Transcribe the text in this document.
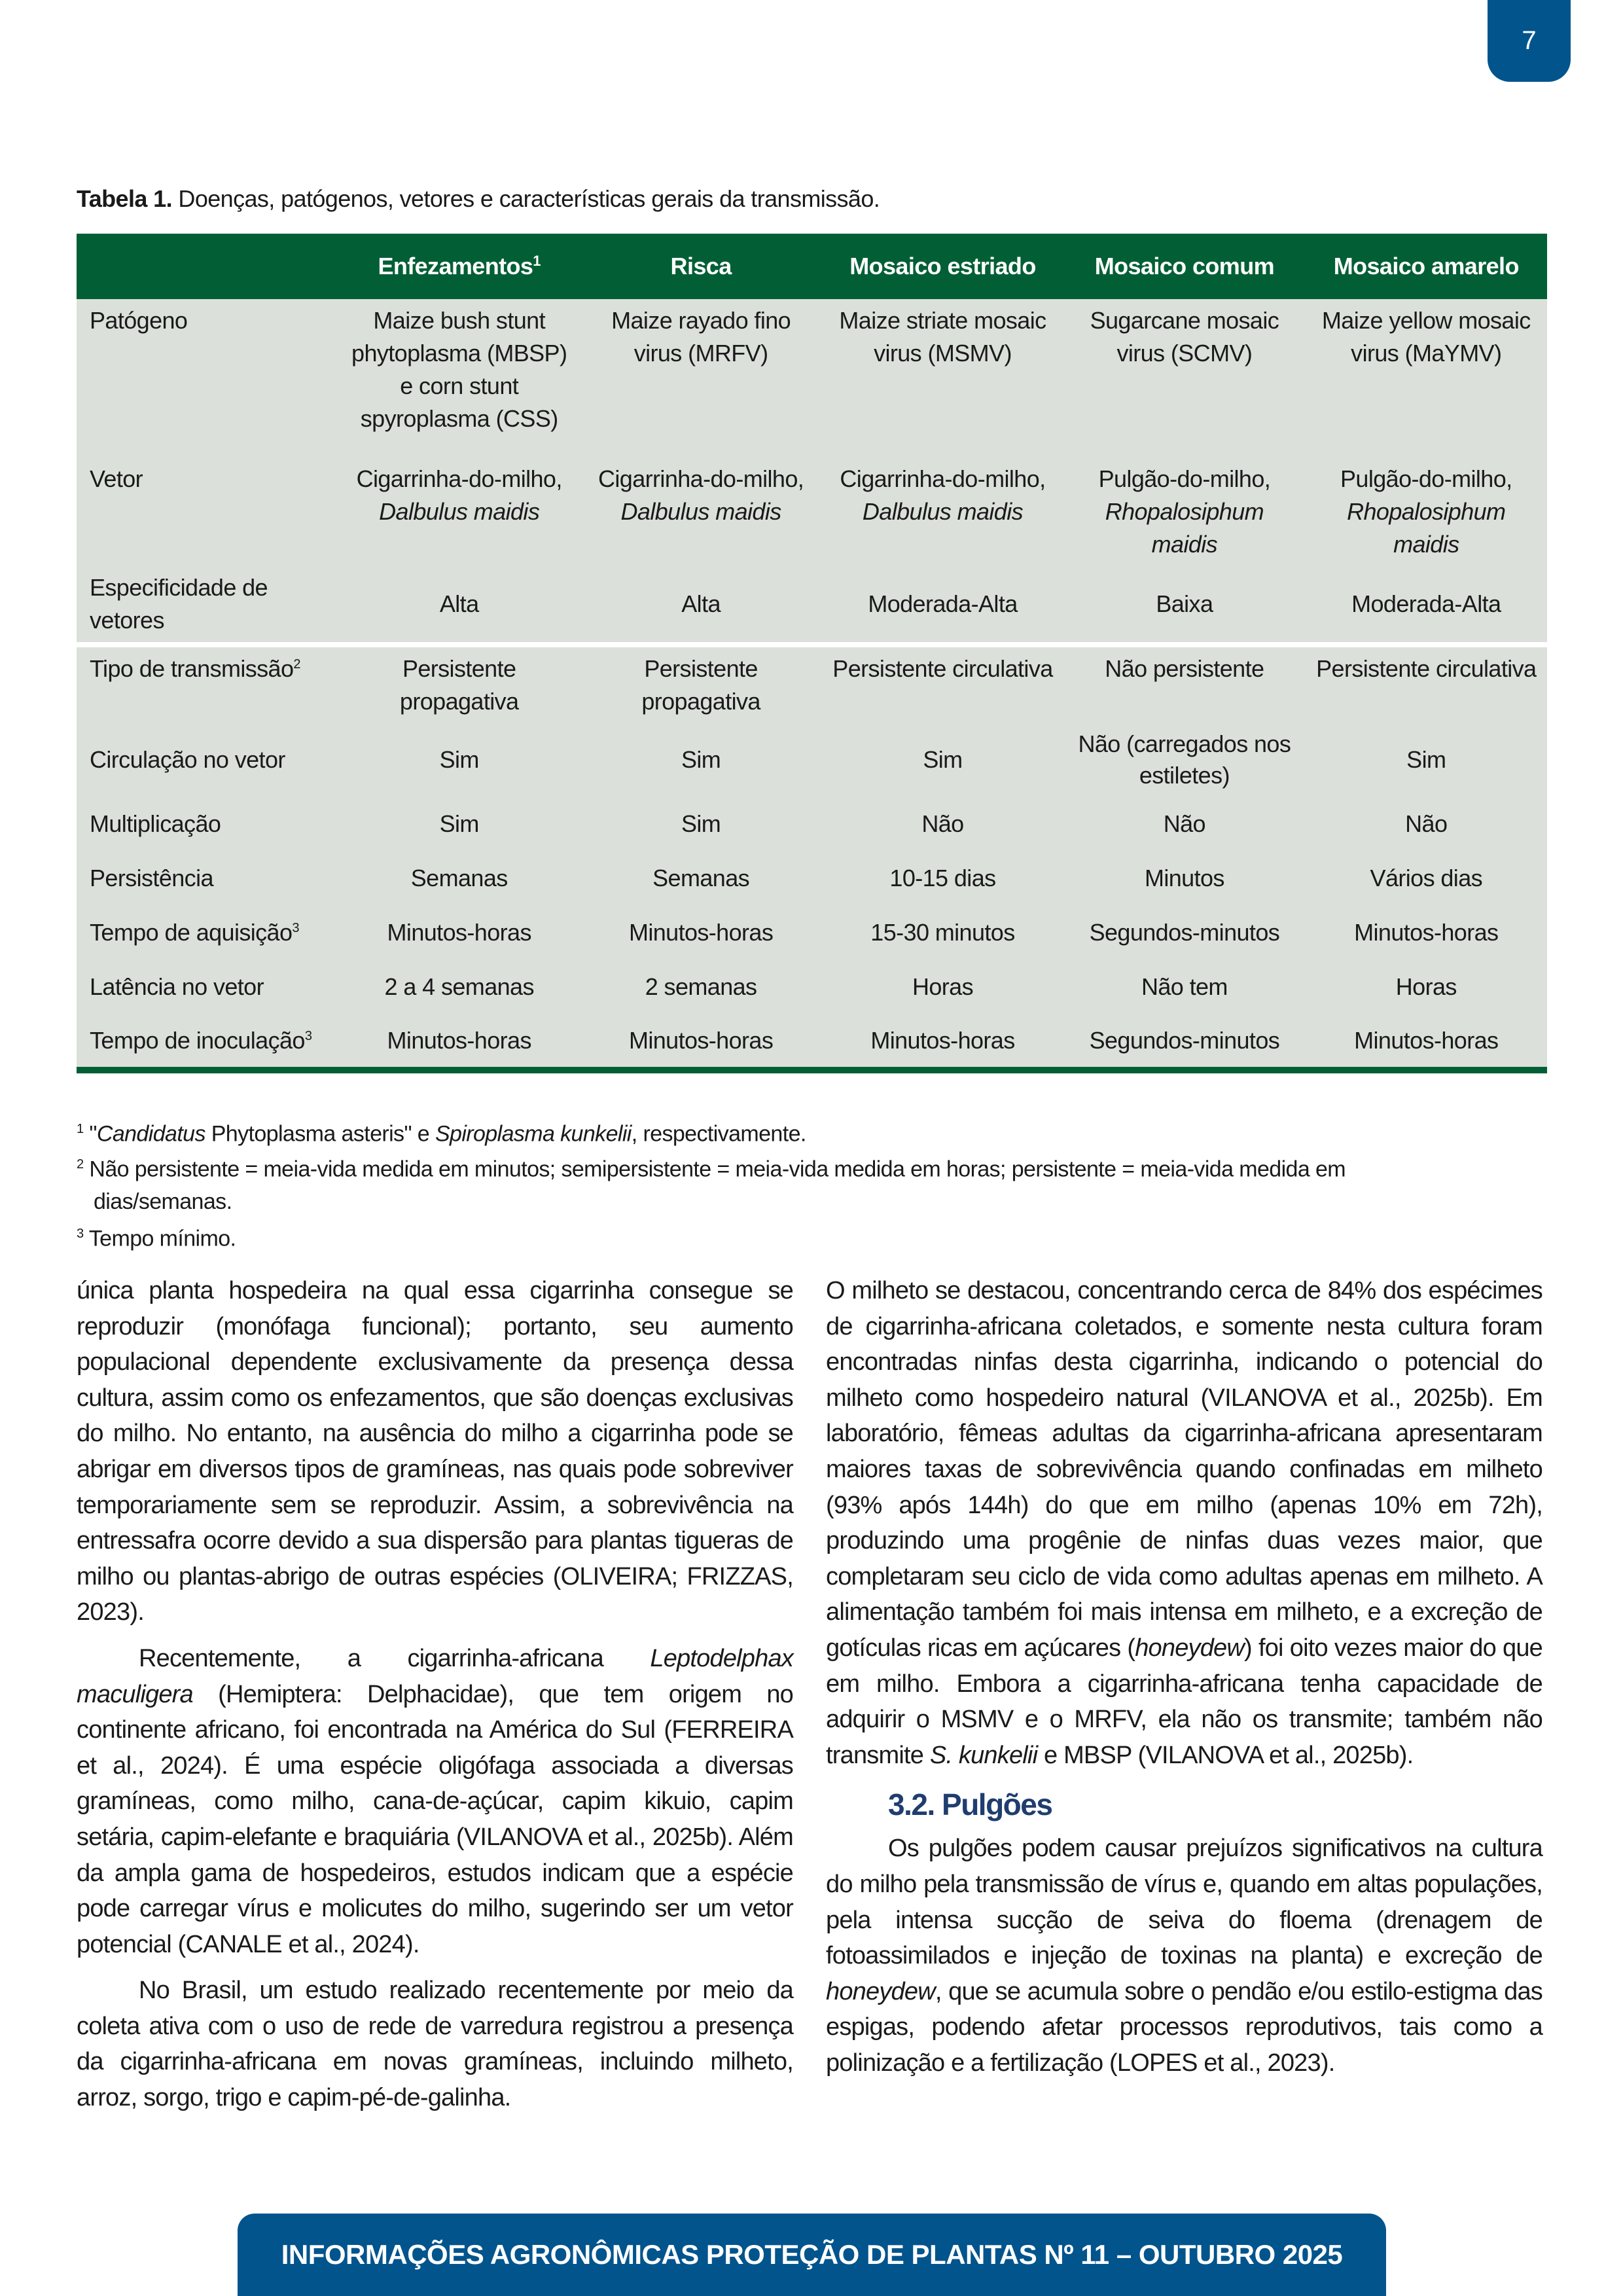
7
Tabela 1. Doenças, patógenos, vetores e características gerais da transmissão.
	Enfezamentos$^1$	Risca	Mosaico estriado	Mosaico comum	Mosaico amarelo
Patógeno	Maize bush stunt phytoplasma (MBSP) e corn stunt spyroplasma (CSS)	Maize rayado fino virus (MRFV)	Maize striate mosaic virus (MSMV)	Sugarcane mosaic virus (SCMV)	Maize yellow mosaic virus (MaYMV)
Vetor	Cigarrinha-do-milho, Dalbulus maidis	Cigarrinha-do-milho, Dalbulus maidis	Cigarrinha-do-milho, Dalbulus maidis	Pulgão-do-milho, Rhopalosiphum maidis	Pulgão-do-milho, Rhopalosiphum maidis
Especificidade de vetores	Alta	Alta	Moderada-Alta	Baixa	Moderada-Alta

Tipo de transmissão$^2$	Persistente propagativa	Persistente propagativa	Persistente circulativa	Não persistente	Persistente circulativa
Circulação no vetor	Sim	Sim	Sim	Não (carregados nos estiletes)	Sim
Multiplicação	Sim	Sim	Não	Não	Não
Persistência	Semanas	Semanas	10-15 dias	Minutos	Vários dias
Tempo de aquisição$^3$	Minutos-horas	Minutos-horas	15-30 minutos	Segundos-minutos	Minutos-horas
Latência no vetor	2 a 4 semanas	2 semanas	Horas	Não tem	Horas
Tempo de inoculação$^3$	Minutos-horas	Minutos-horas	Minutos-horas	Segundos-minutos	Minutos-horas
$^1$ "Candidatus Phytoplasma asteris" e Spiroplasma kunkelii, respectivamente.
$^2$ Não persistente = meia-vida medida em minutos; semipersistente = meia-vida medida em horas; persistente = meia-vida medida em
dias/semanas.
$^3$ Tempo mínimo.

única planta hospedeira na qual essa cigarrinha consegue se reproduzir (monófaga funcional); portanto, seu aumento populacional dependente exclusivamente da presença dessa cultura, assim como os enfezamentos, que são doenças exclusivas do milho. No entanto, na ausência do milho a cigarrinha pode se abrigar em diversos tipos de gramíneas, nas quais pode sobreviver temporariamente sem se reproduzir. Assim, a sobrevivência na entressafra ocorre devido a sua dispersão para plantas tigueras de milho ou plantas-abrigo de outras espécies (OLIVEIRA; FRIZZAS, 2023).

Recentemente, a cigarrinha-africana Leptodelphax maculigera (Hemiptera: Delphacidae), que tem origem no continente africano, foi encontrada na América do Sul (FERREIRA et al., 2024). É uma espécie oligófaga associada a diversas gramíneas, como milho, cana-de-açúcar, capim kikuio, capim setária, capim-elefante e braquiária (VILANOVA et al., 2025b). Além da ampla gama de hospedeiros, estudos indicam que a espécie pode carregar vírus e molicutes do milho, sugerindo ser um vetor potencial (CANALE et al., 2024).

No Brasil, um estudo realizado recentemente por meio da coleta ativa com o uso de rede de varredura registrou a presença da cigarrinha-africana em novas gramíneas, incluindo milheto, arroz, sorgo, trigo e capim-pé-de-galinha.

O milheto se destacou, concentrando cerca de 84% dos espécimes de cigarrinha-africana coletados, e somente nesta cultura foram encontradas ninfas desta cigarrinha, indicando o potencial do milheto como hospedeiro natural (VILANOVA et al., 2025b). Em laboratório, fêmeas adultas da cigarrinha-africana apresentaram maiores taxas de sobrevivência quando confinadas em milheto (93% após 144h) do que em milho (apenas 10% em 72h), produzindo uma progênie de ninfas duas vezes maior, que completaram seu ciclo de vida como adultas apenas em milheto. A alimentação também foi mais intensa em milheto, e a excreção de gotículas ricas em açúcares (honeydew) foi oito vezes maior do que em milho. Embora a cigarrinha-africana tenha capacidade de adquirir o MSMV e o MRFV, ela não os transmite; também não transmite S. kunkelii e MBSP (VILANOVA et al., 2025b).

3.2. Pulgões

Os pulgões podem causar prejuízos significativos na cultura do milho pela transmissão de vírus e, quando em altas populações, pela intensa sucção de seiva do floema (drenagem de fotoassimilados e injeção de toxinas na planta) e excreção de honeydew, que se acumula sobre o pendão e/ou estilo-estigma das espigas, podendo afetar processos reprodutivos, tais como a polinização e a fertilização (LOPES et al., 2023).

INFORMAÇÕES AGRONÔMICAS PROTEÇÃO DE PLANTAS Nº 11 – OUTUBRO 2025
